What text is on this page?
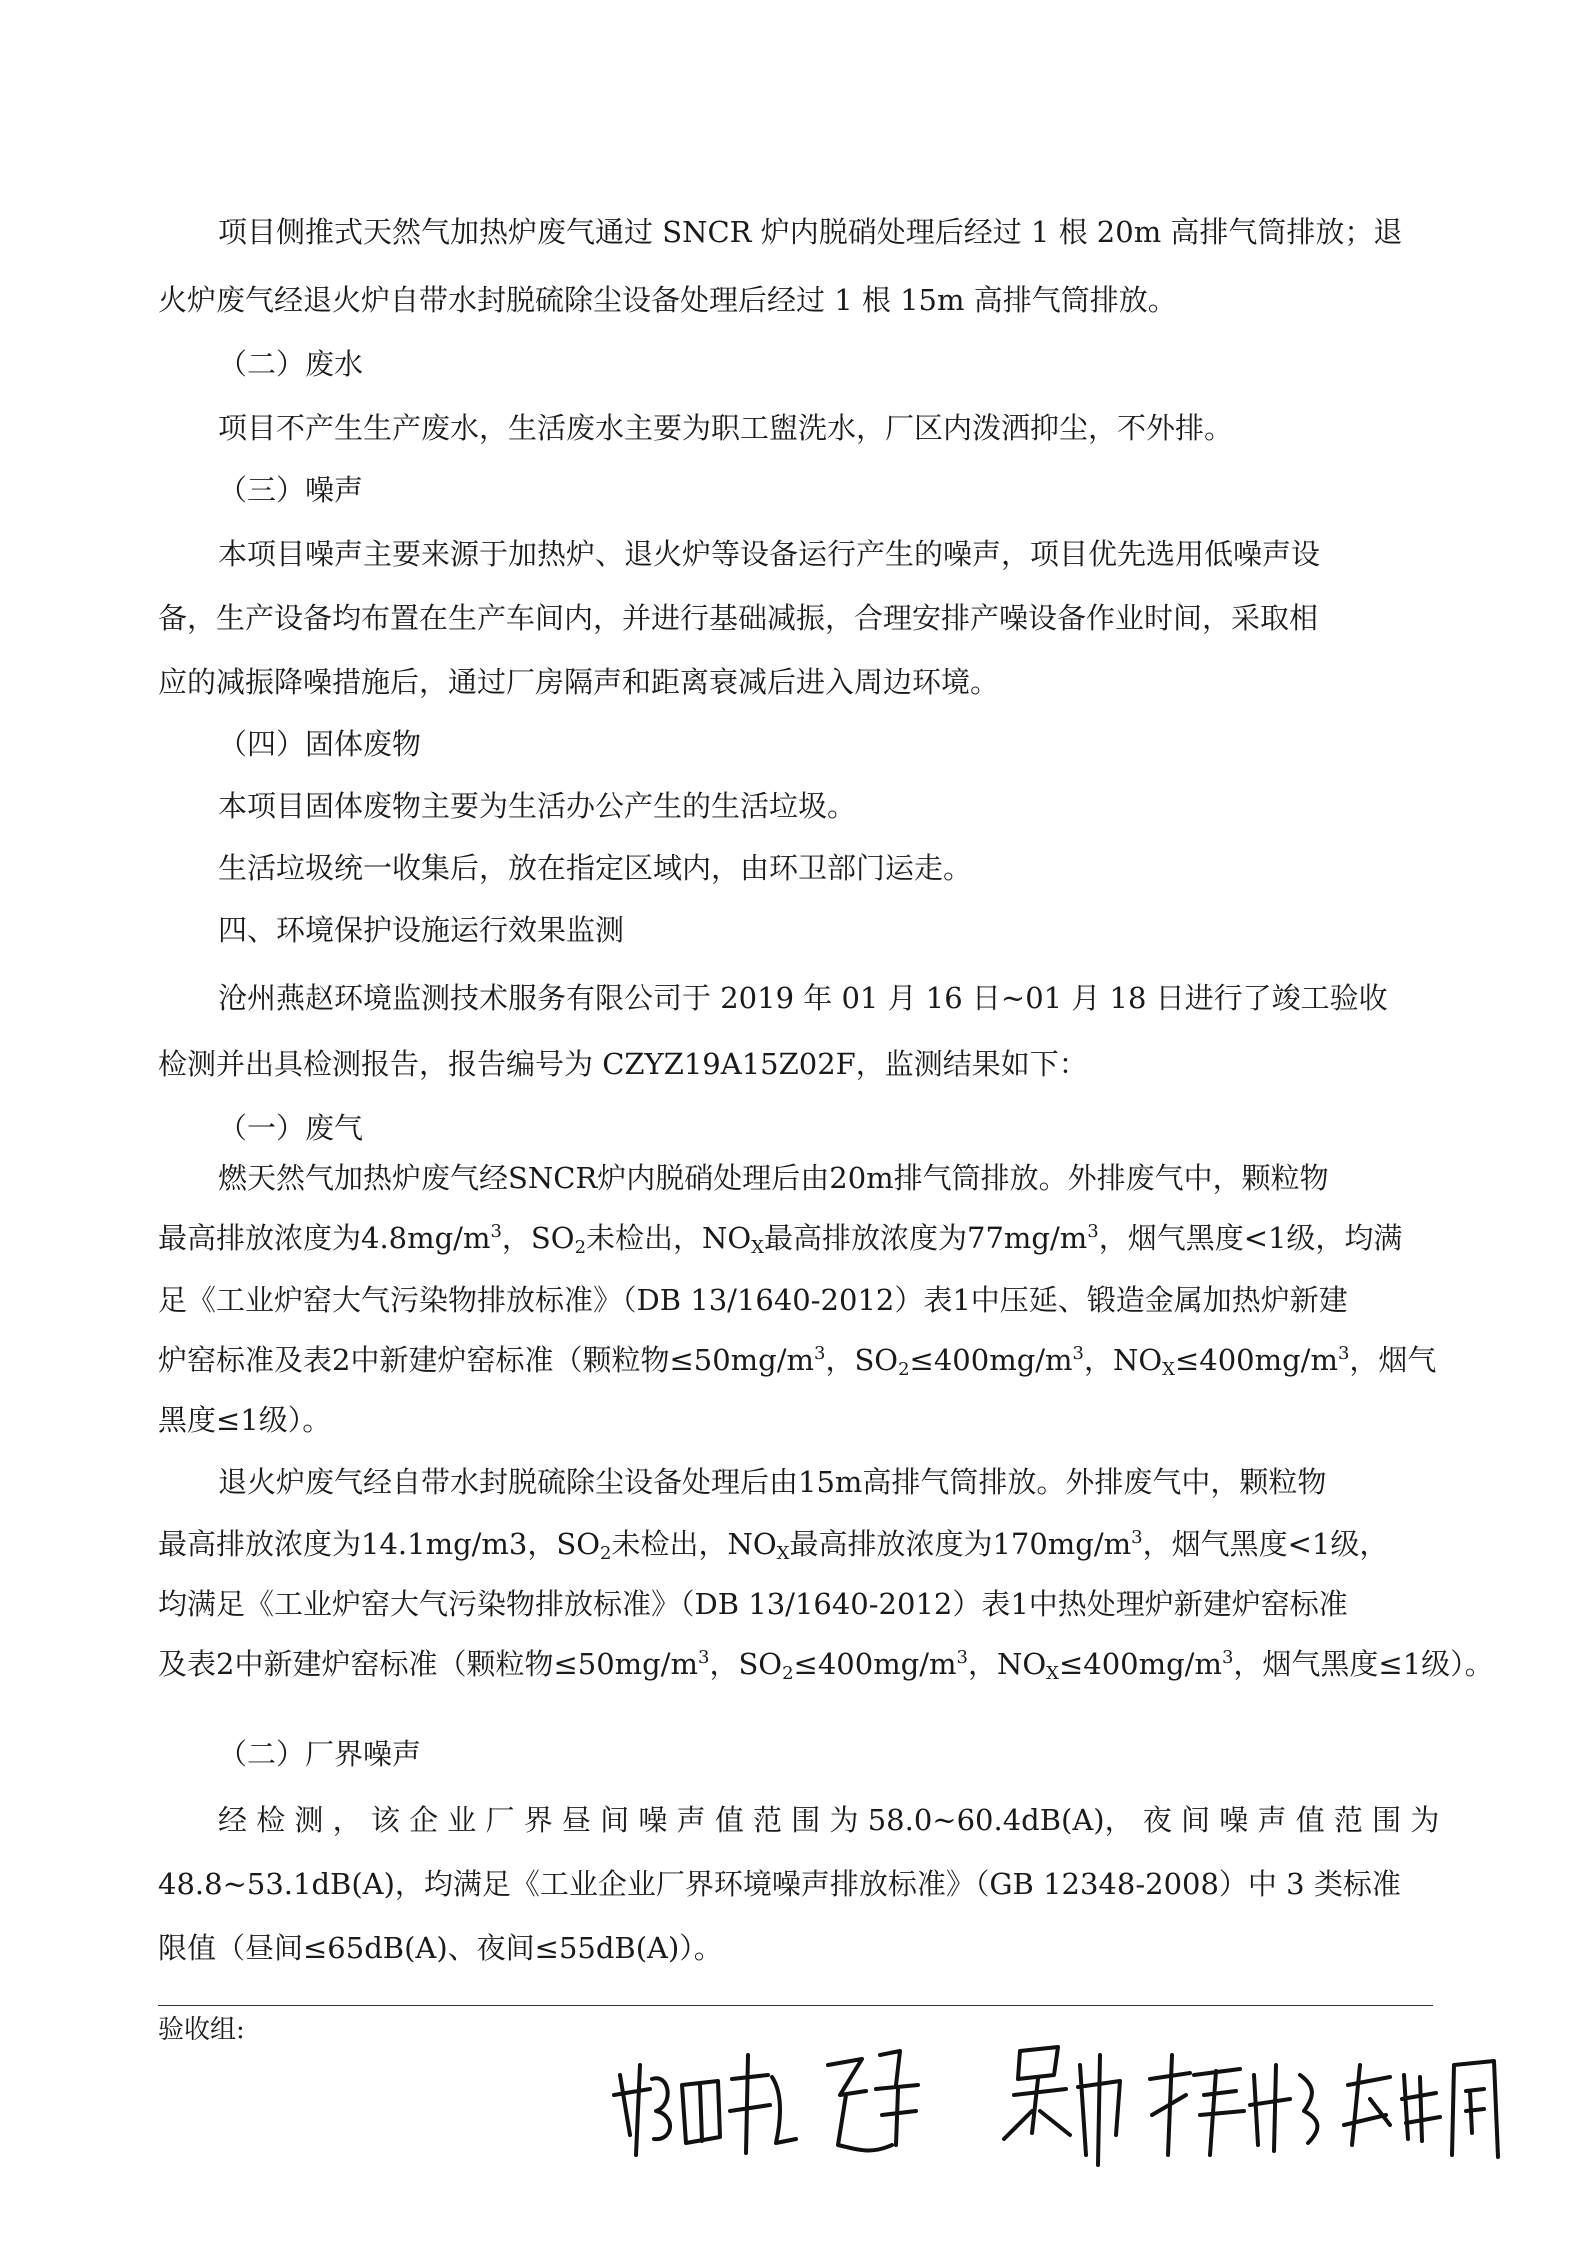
项目侧推式天然气加热炉废气通过 SNCR 炉内脱硝处理后经过 1 根 20m 高排气筒排放；退
火炉废气经退火炉自带水封脱硫除尘设备处理后经过 1 根 15m 高排气筒排放。
（二）废水
项目不产生生产废水，生活废水主要为职工盥洗水，厂区内泼洒抑尘，不外排。
（三）噪声
本项目噪声主要来源于加热炉、退火炉等设备运行产生的噪声，项目优先选用低噪声设
备，生产设备均布置在生产车间内，并进行基础减振，合理安排产噪设备作业时间，采取相
应的减振降噪措施后，通过厂房隔声和距离衰减后进入周边环境。
（四）固体废物
本项目固体废物主要为生活办公产生的生活垃圾。
生活垃圾统一收集后，放在指定区域内，由环卫部门运走。
四、环境保护设施运行效果监测
沧州燕赵环境监测技术服务有限公司于 2019 年 01 月 16 日~01 月 18 日进行了竣工验收
检测并出具检测报告，报告编号为 CZYZ19A15Z02F，监测结果如下：
（一）废气
燃天然气加热炉废气经SNCR炉内脱硝处理后由20m排气筒排放。外排废气中，颗粒物
最高排放浓度为$4.8mg/m^3$，$SO_2$未检出，$NO_X$最高排放浓度为$77mg/m^3$，烟气黑度<1级，均满
足《工业炉窑大气污染物排放标准》（DB 13/1640-2012）表1中压延、锻造金属加热炉新建
炉窑标准及表2中新建炉窑标准（颗粒物$\le 50mg/m^3$，$SO_2\le 400mg/m^3$，$NO_X\le 400mg/m^3$，烟气
黑度≤1级）。
退火炉废气经自带水封脱硫除尘设备处理后由15m高排气筒排放。外排废气中，颗粒物
最高排放浓度为14.1mg/m3，$SO_2$未检出，$NO_X$最高排放浓度为$170mg/m^3$，烟气黑度<1级，
均满足《工业炉窑大气污染物排放标准》（DB 13/1640-2012）表1中热处理炉新建炉窑标准
及表2中新建炉窑标准（颗粒物$\le 50mg/m^3$，$SO_2\le 400mg/m^3$，$NO_X\le 400mg/m^3$，烟气黑度≤1级）。
（二）厂界噪声
经 检 测 ， 该 企 业 厂 界 昼 间 噪 声 值 范 围 为 58.0~60.4dB(A)， 夜 间 噪 声 值 范 围 为
48.8~53.1dB(A)，均满足《工业企业厂界环境噪声排放标准》（GB 12348-2008）中 3 类标准
限值（昼间≤65dB(A)、夜间≤55dB(A)）。
验收组:
